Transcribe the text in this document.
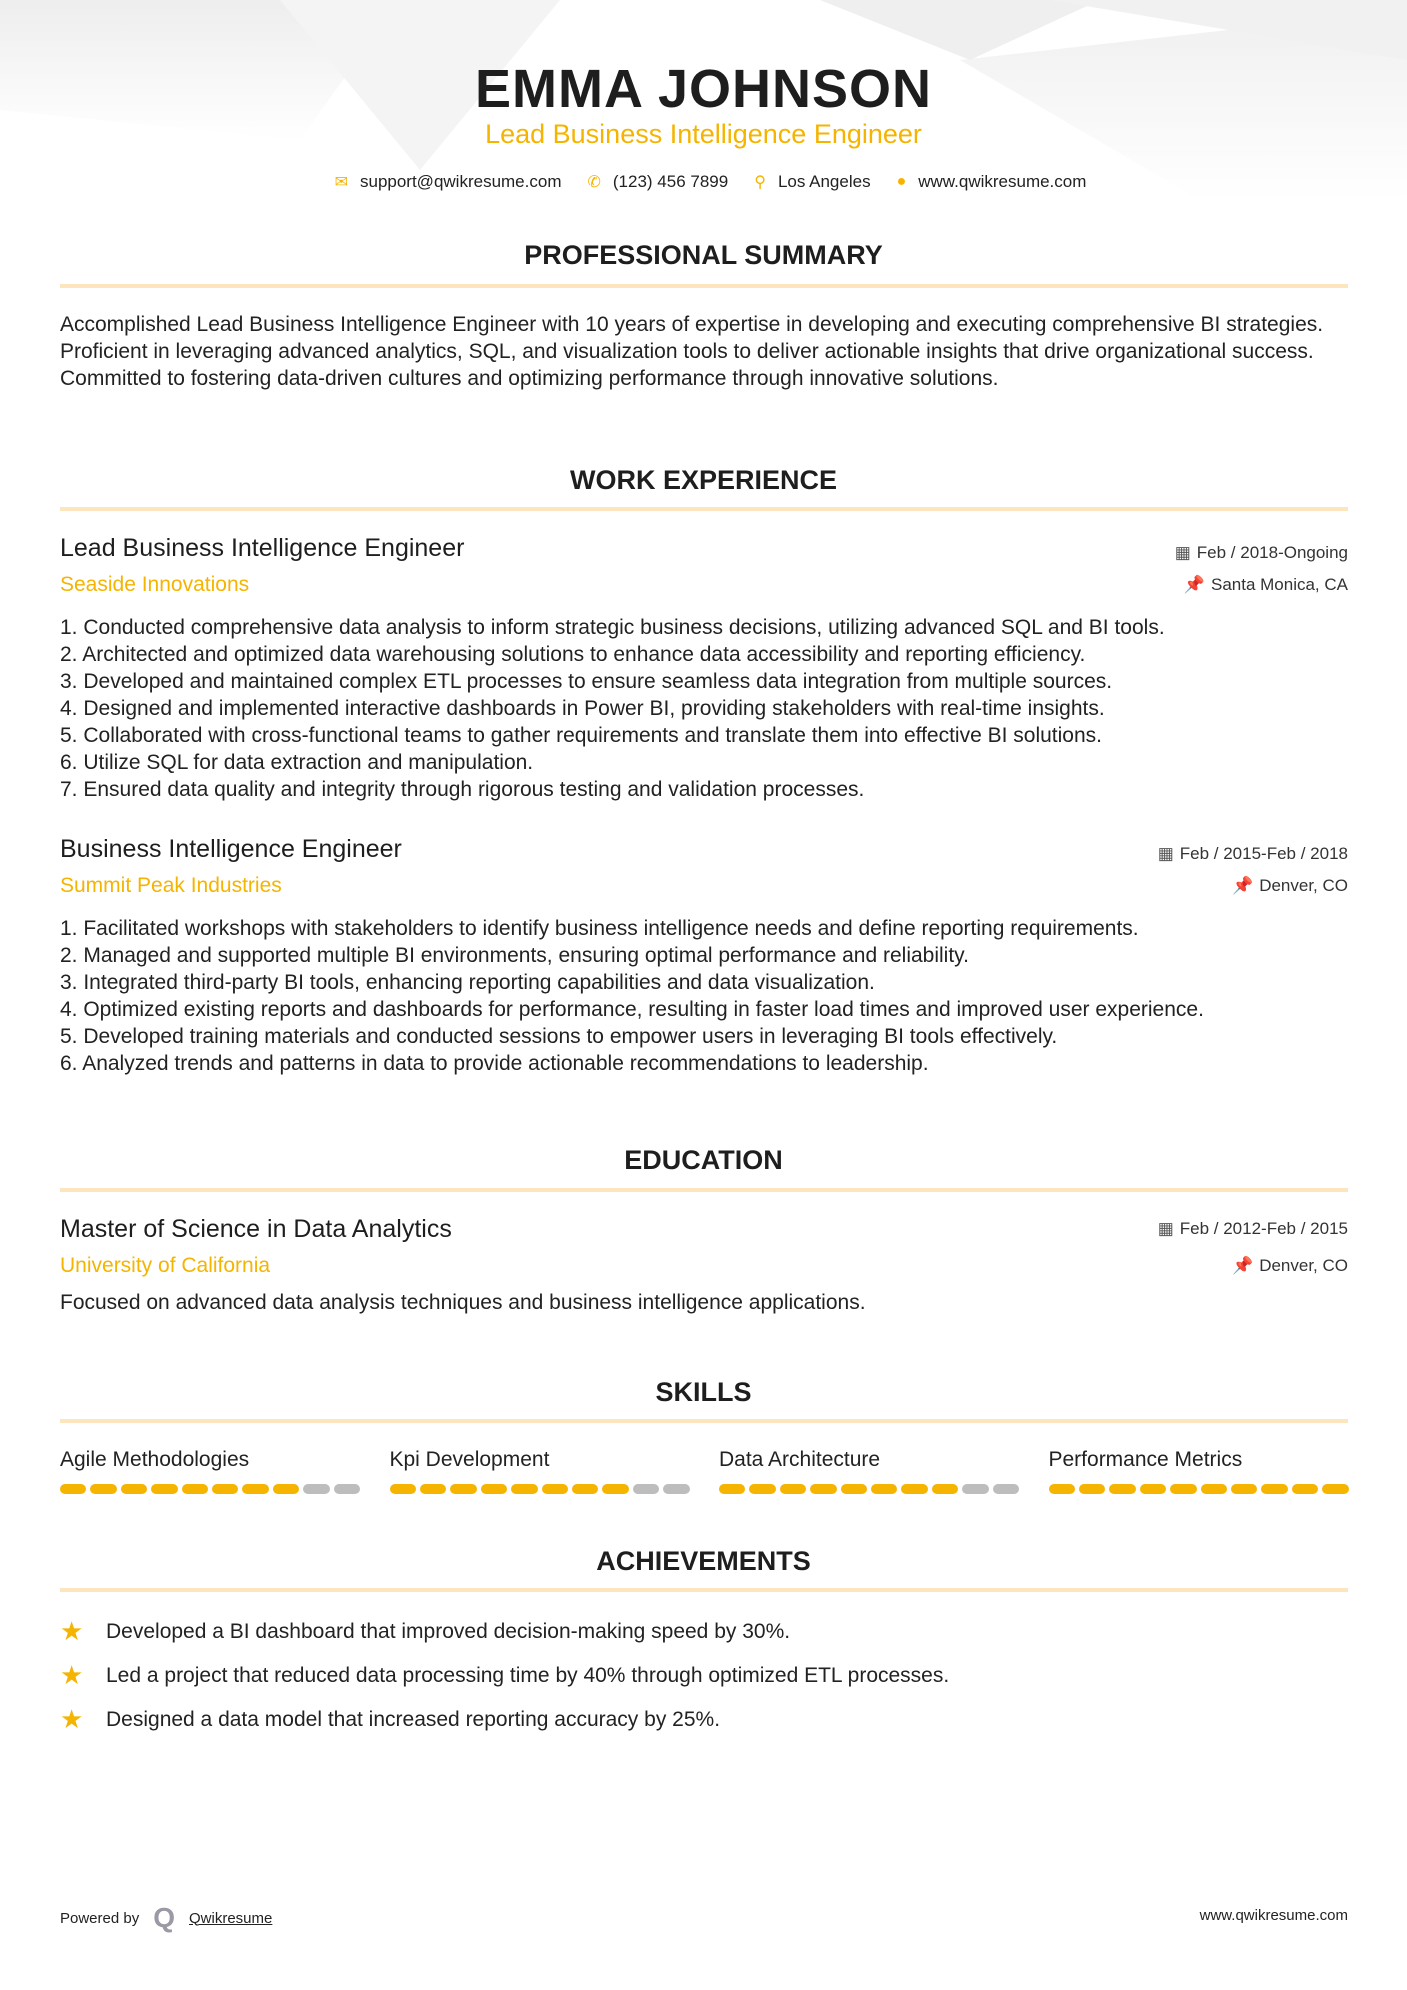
EMMA JOHNSON
Lead Business Intelligence Engineer
✉ support@qwikresume.com ✆ (123) 456 7899 ⚲ Los Angeles ● www.qwikresume.com
PROFESSIONAL SUMMARY
Accomplished Lead Business Intelligence Engineer with 10 years of expertise in developing and executing comprehensive BI strategies. Proficient in leveraging advanced analytics, SQL, and visualization tools to deliver actionable insights that drive organizational success. Committed to fostering data-driven cultures and optimizing performance through innovative solutions.
WORK EXPERIENCE
Lead Business Intelligence Engineer	▦ Feb / 2018-Ongoing
Seaside Innovations	📌 Santa Monica, CA
1. Conducted comprehensive data analysis to inform strategic business decisions, utilizing advanced SQL and BI tools.
2. Architected and optimized data warehousing solutions to enhance data accessibility and reporting efficiency.
3. Developed and maintained complex ETL processes to ensure seamless data integration from multiple sources.
4. Designed and implemented interactive dashboards in Power BI, providing stakeholders with real-time insights.
5. Collaborated with cross-functional teams to gather requirements and translate them into effective BI solutions.
6. Utilize SQL for data extraction and manipulation.
7. Ensured data quality and integrity through rigorous testing and validation processes.
Business Intelligence Engineer	▦ Feb / 2015-Feb / 2018
Summit Peak Industries	📌 Denver, CO
1. Facilitated workshops with stakeholders to identify business intelligence needs and define reporting requirements.
2. Managed and supported multiple BI environments, ensuring optimal performance and reliability.
3. Integrated third-party BI tools, enhancing reporting capabilities and data visualization.
4. Optimized existing reports and dashboards for performance, resulting in faster load times and improved user experience.
5. Developed training materials and conducted sessions to empower users in leveraging BI tools effectively.
6. Analyzed trends and patterns in data to provide actionable recommendations to leadership.
EDUCATION
Master of Science in Data Analytics	▦ Feb / 2012-Feb / 2015
University of California	📌 Denver, CO
Focused on advanced data analysis techniques and business intelligence applications.
SKILLS
Agile Methodologies	Kpi Development	Data Architecture	Performance Metrics
ACHIEVEMENTS
★	Developed a BI dashboard that improved decision-making speed by 30%.
★	Led a project that reduced data processing time by 40% through optimized ETL processes.
★	Designed a data model that increased reporting accuracy by 25%.
Powered by Q Qwikresume	www.qwikresume.com
